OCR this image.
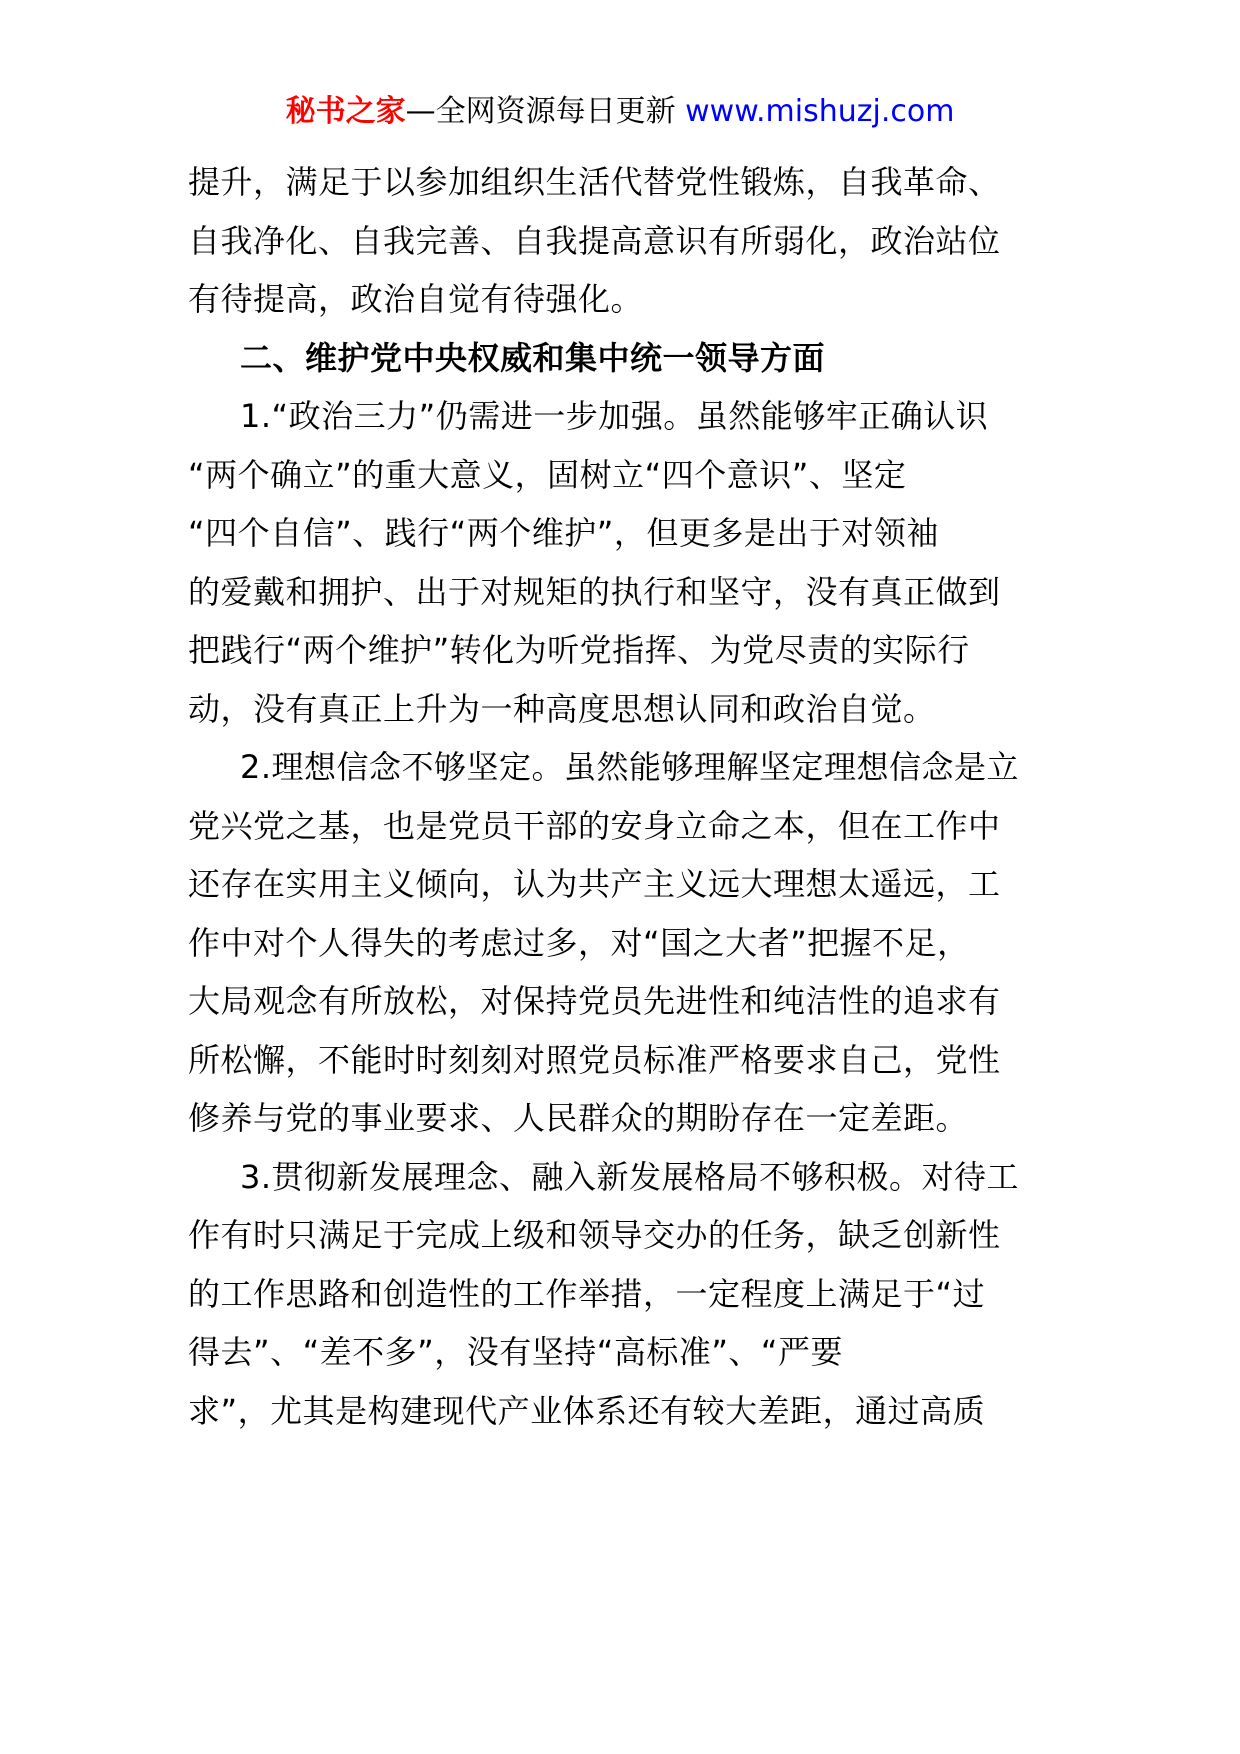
秘书之家—全网资源每日更新 www.mishuzj.com
提升，满足于以参加组织生活代替党性锻炼，自我革命、
自我净化、自我完善、自我提高意识有所弱化，政治站位
有待提高，政治自觉有待强化。
二、维护党中央权威和集中统一领导方面
1.“政治三力”仍需进一步加强。虽然能够牢正确认识
“两个确立”的重大意义，固树立“四个意识”、坚定
“四个自信”、践行“两个维护”，但更多是出于对领袖
的爱戴和拥护、出于对规矩的执行和坚守，没有真正做到
把践行“两个维护”转化为听党指挥、为党尽责的实际行
动，没有真正上升为一种高度思想认同和政治自觉。
2.理想信念不够坚定。虽然能够理解坚定理想信念是立
党兴党之基，也是党员干部的安身立命之本，但在工作中
还存在实用主义倾向，认为共产主义远大理想太遥远，工
作中对个人得失的考虑过多，对“国之大者”把握不足，
大局观念有所放松，对保持党员先进性和纯洁性的追求有
所松懈，不能时时刻刻对照党员标准严格要求自己，党性
修养与党的事业要求、人民群众的期盼存在一定差距。
3.贯彻新发展理念、融入新发展格局不够积极。对待工
作有时只满足于完成上级和领导交办的任务，缺乏创新性
的工作思路和创造性的工作举措，一定程度上满足于“过
得去”、“差不多”，没有坚持“高标准”、“严要
求”，尤其是构建现代产业体系还有较大差距，通过高质
